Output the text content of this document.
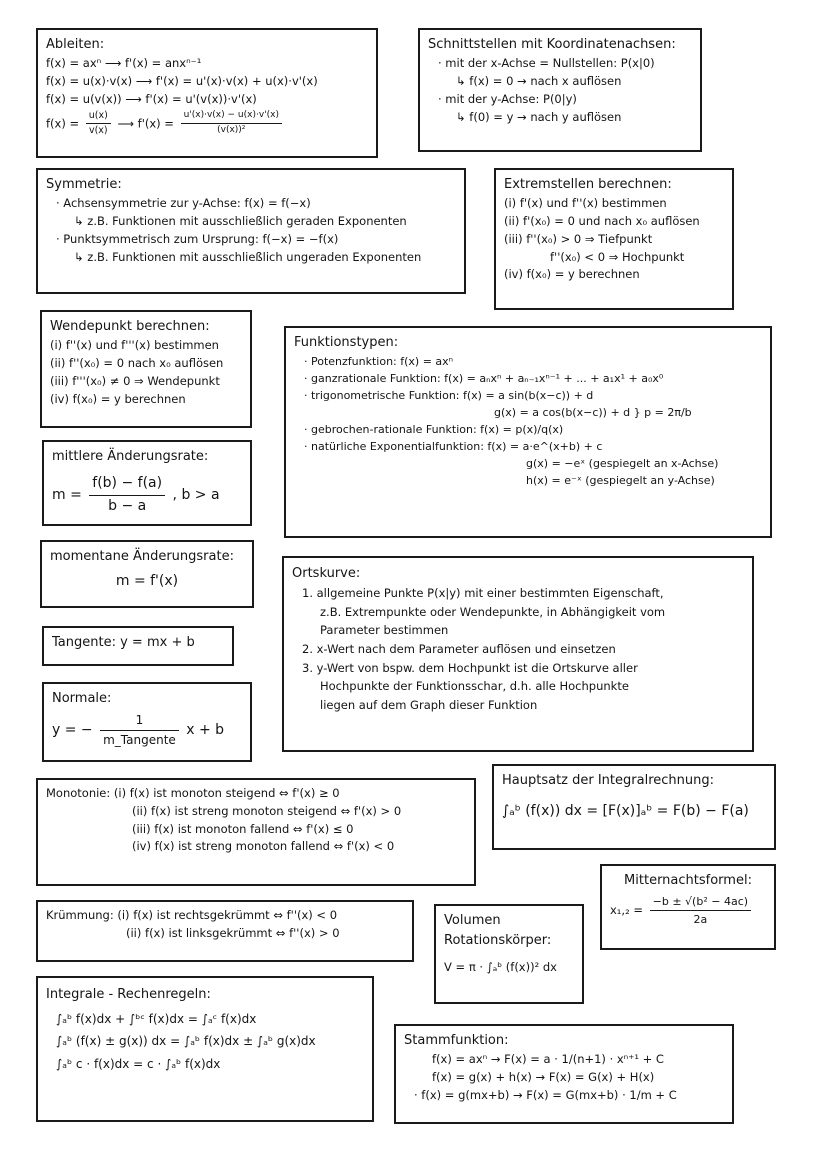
Ableiten:
f(x) = axⁿ ⟶ f'(x) = anxⁿ⁻¹
f(x) = u(x)·v(x) ⟶ f'(x) = u'(x)·v(x) + u(x)·v'(x)
f(x) = u(v(x)) ⟶ f'(x) = u'(v(x))·v'(x)
$f(x) = \frac{u(x)}{v(x)}$ ⟶ $f'(x) = \frac{u'(x)\cdot v(x) - u(x)\cdot v'(x)}{\text{(v(x))²}}$
Schnittstellen mit Koordinatenachsen:
· mit der x-Achse = Nullstellen: P(x|0)
↳ f(x) = 0 → nach x auflösen
· mit der y-Achse: P(0|y)
↳ f(0) = y → nach y auflösen
Symmetrie:
· Achsensymmetrie zur y-Achse: f(x) = f(−x)
↳ z.B. Funktionen mit ausschließlich geraden Exponenten
· Punktsymmetrisch zum Ursprung: f(−x) = −f(x)
↳ z.B. Funktionen mit ausschließlich ungeraden Exponenten
Extremstellen berechnen:
(i) f'(x) und f''(x) bestimmen
(ii) f'(x₀) = 0 und nach x₀ auflösen
(iii) f''(x₀) > 0 ⇒ Tiefpunkt
f''(x₀) < 0 ⇒ Hochpunkt
(iv) f(x₀) = y berechnen
Wendepunkt berechnen:
(i) f''(x) und f'''(x) bestimmen
(ii) f''(x₀) = 0 nach x₀ auflösen
(iii) f'''(x₀) ≠ 0 ⇒ Wendepunkt
(iv) f(x₀) = y berechnen
Funktionstypen:
· Potenzfunktion: f(x) = axⁿ
· ganzrationale Funktion: f(x) = aₙxⁿ + aₙ₋₁xⁿ⁻¹ + ... + a₁x¹ + a₀x⁰
· trigonometrische Funktion: f(x) = a sin(b(x−c)) + d
g(x) = a cos(b(x−c)) + d } p = 2π/b
· gebrochen-rationale Funktion: f(x) = p(x)/q(x)
· natürliche Exponentialfunktion: f(x) = a·e^(x+b) + c
g(x) = −eˣ (gespiegelt an x-Achse)
h(x) = e⁻ˣ (gespiegelt an y-Achse)
mittlere Änderungsrate:
$m = \frac{f(b) - f(a)}{b - a}$ , b > a
momentane Änderungsrate:
m = f'(x)
Tangente: y = mx + b
Normale:
y = − $\frac{1}{\text{m\_Tangente}}$ x + b
Ortskurve:
1. allgemeine Punkte P(x|y) mit einer bestimmten Eigenschaft,
z.B. Extrempunkte oder Wendepunkte, in Abhängigkeit vom
Parameter bestimmen
2. x-Wert nach dem Parameter auflösen und einsetzen
3. y-Wert von bspw. dem Hochpunkt ist die Ortskurve aller
Hochpunkte der Funktionsschar, d.h. alle Hochpunkte
liegen auf dem Graph dieser Funktion
Monotonie: (i) f(x) ist monoton steigend ⇔ f'(x) ≥ 0
(ii) f(x) ist streng monoton steigend ⇔ f'(x) > 0
(iii) f(x) ist monoton fallend ⇔ f'(x) ≤ 0
(iv) f(x) ist streng monoton fallend ⇔ f'(x) < 0
Hauptsatz der Integralrechnung:
∫ₐᵇ (f(x)) dx = [F(x)]ₐᵇ = F(b) − F(a)
Mitternachtsformel:
$x_1,_2 = \frac{\text{−b ± √(b² − 4ac)}}{2a}$
Krümmung: (i) f(x) ist rechtsgekrümmt ⇔ f''(x) < 0
(ii) f(x) ist linksgekrümmt ⇔ f''(x) > 0
Volumen
Rotationskörper:
V = π · ∫ₐᵇ (f(x))² dx
Integrale - Rechenregeln:
∫ₐᵇ f(x)dx + ∫ᵇᶜ f(x)dx = ∫ₐᶜ f(x)dx
∫ₐᵇ (f(x) ± g(x)) dx = ∫ₐᵇ f(x)dx ± ∫ₐᵇ g(x)dx
∫ₐᵇ c · f(x)dx = c · ∫ₐᵇ f(x)dx
Stammfunktion:
f(x) = axⁿ → F(x) = a · 1/(n+1) · xⁿ⁺¹ + C
f(x) = g(x) + h(x) → F(x) = G(x) + H(x)
· f(x) = g(mx+b) → F(x) = G(mx+b) · 1/m + C
